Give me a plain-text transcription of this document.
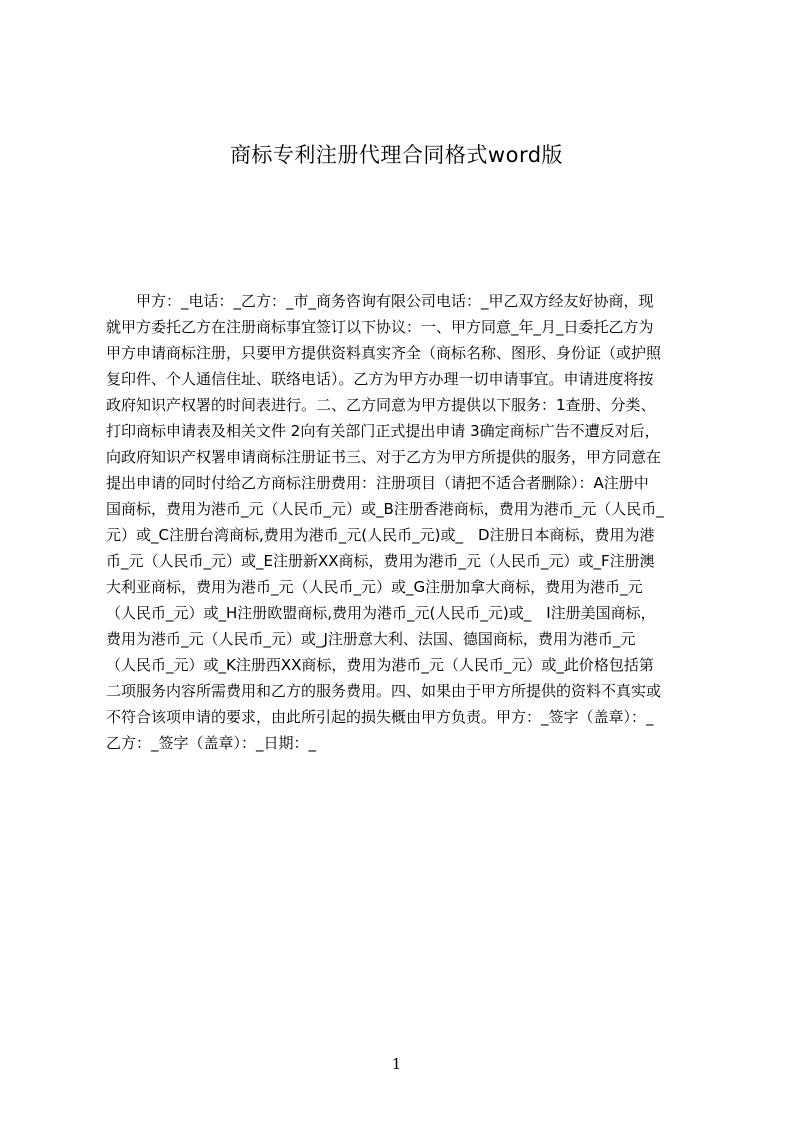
商标专利注册代理合同格式word版
　　甲方：_电话：_乙方：_市_商务咨询有限公司电话：_甲乙双方经友好协商，现
就甲方委托乙方在注册商标事宜签订以下协议：一、甲方同意_年_月_日委托乙方为
甲方申请商标注册，只要甲方提供资料真实齐全（商标名称、图形、身份证（或护照
复印件、个人通信住址、联络电话）。乙方为甲方办理一切申请事宜。申请进度将按
政府知识产权署的时间表进行。二、乙方同意为甲方提供以下服务：1查册、分类、
打印商标申请表及相关文件 2向有关部门正式提出申请 3确定商标广告不遭反对后，
向政府知识产权署申请商标注册证书三、对于乙方为甲方所提供的服务，甲方同意在
提出申请的同时付给乙方商标注册费用：注册项目（请把不适合者删除）：A注册中
国商标，费用为港币_元（人民币_元）或_B注册香港商标，费用为港币_元（人民币_
元）或_C注册台湾商标,费用为港币_元(人民币_元)或_　D注册日本商标，费用为港
币_元（人民币_元）或_E注册新XX商标，费用为港币_元（人民币_元）或_F注册澳
大利亚商标，费用为港币_元（人民币_元）或_G注册加拿大商标，费用为港币_元
（人民币_元）或_H注册欧盟商标,费用为港币_元(人民币_元)或_　I注册美国商标，
费用为港币_元（人民币_元）或_J注册意大利、法国、德国商标，费用为港币_元
（人民币_元）或_K注册西XX商标，费用为港币_元（人民币_元）或_此价格包括第
二项服务内容所需费用和乙方的服务费用。四、如果由于甲方所提供的资料不真实或
不符合该项申请的要求，由此所引起的损失概由甲方负责。甲方：_签字（盖章）：_
乙方：_签字（盖章）：_日期：_
1
